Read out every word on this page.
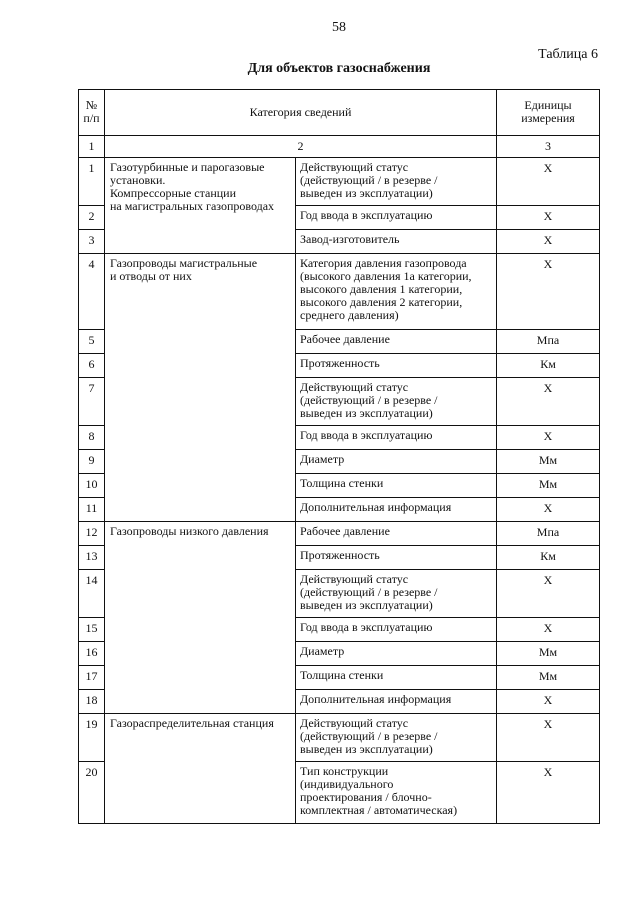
58
Таблица 6
Для объектов газоснабжения
№
п/п	Категория сведений		Единицы
измерения
1	2		3
1	Газотурбинные и парогазовые
установки.
Компрессорные станции
на магистральных газопроводах	Действующий статус
(действующий / в резерве /
выведен из эксплуатации)	Х
2		Год ввода в эксплуатацию	Х
3		Завод-изготовитель	Х
4	Газопроводы магистральные
и отводы от них	Категория давления газопровода
(высокого давления 1а категории,
высокого давления 1 категории,
высокого давления 2 категории,
среднего давления)	Х
5		Рабочее давление	Мпа
6		Протяженность	Км
7		Действующий статус
(действующий / в резерве /
выведен из эксплуатации)	Х
8		Год ввода в эксплуатацию	Х
9		Диаметр	Мм
10		Толщина стенки	Мм
11		Дополнительная информация	Х
12	Газопроводы низкого давления	Рабочее давление	Мпа
13		Протяженность	Км
14		Действующий статус
(действующий / в резерве /
выведен из эксплуатации)	Х
15		Год ввода в эксплуатацию	Х
16		Диаметр	Мм
17		Толщина стенки	Мм
18		Дополнительная информация	Х
19	Газораспределительная станция	Действующий статус
(действующий / в резерве /
выведен из эксплуатации)	Х
20		Тип конструкции
(индивидуального
проектирования / блочно-
комплектная / автоматическая)	Х
